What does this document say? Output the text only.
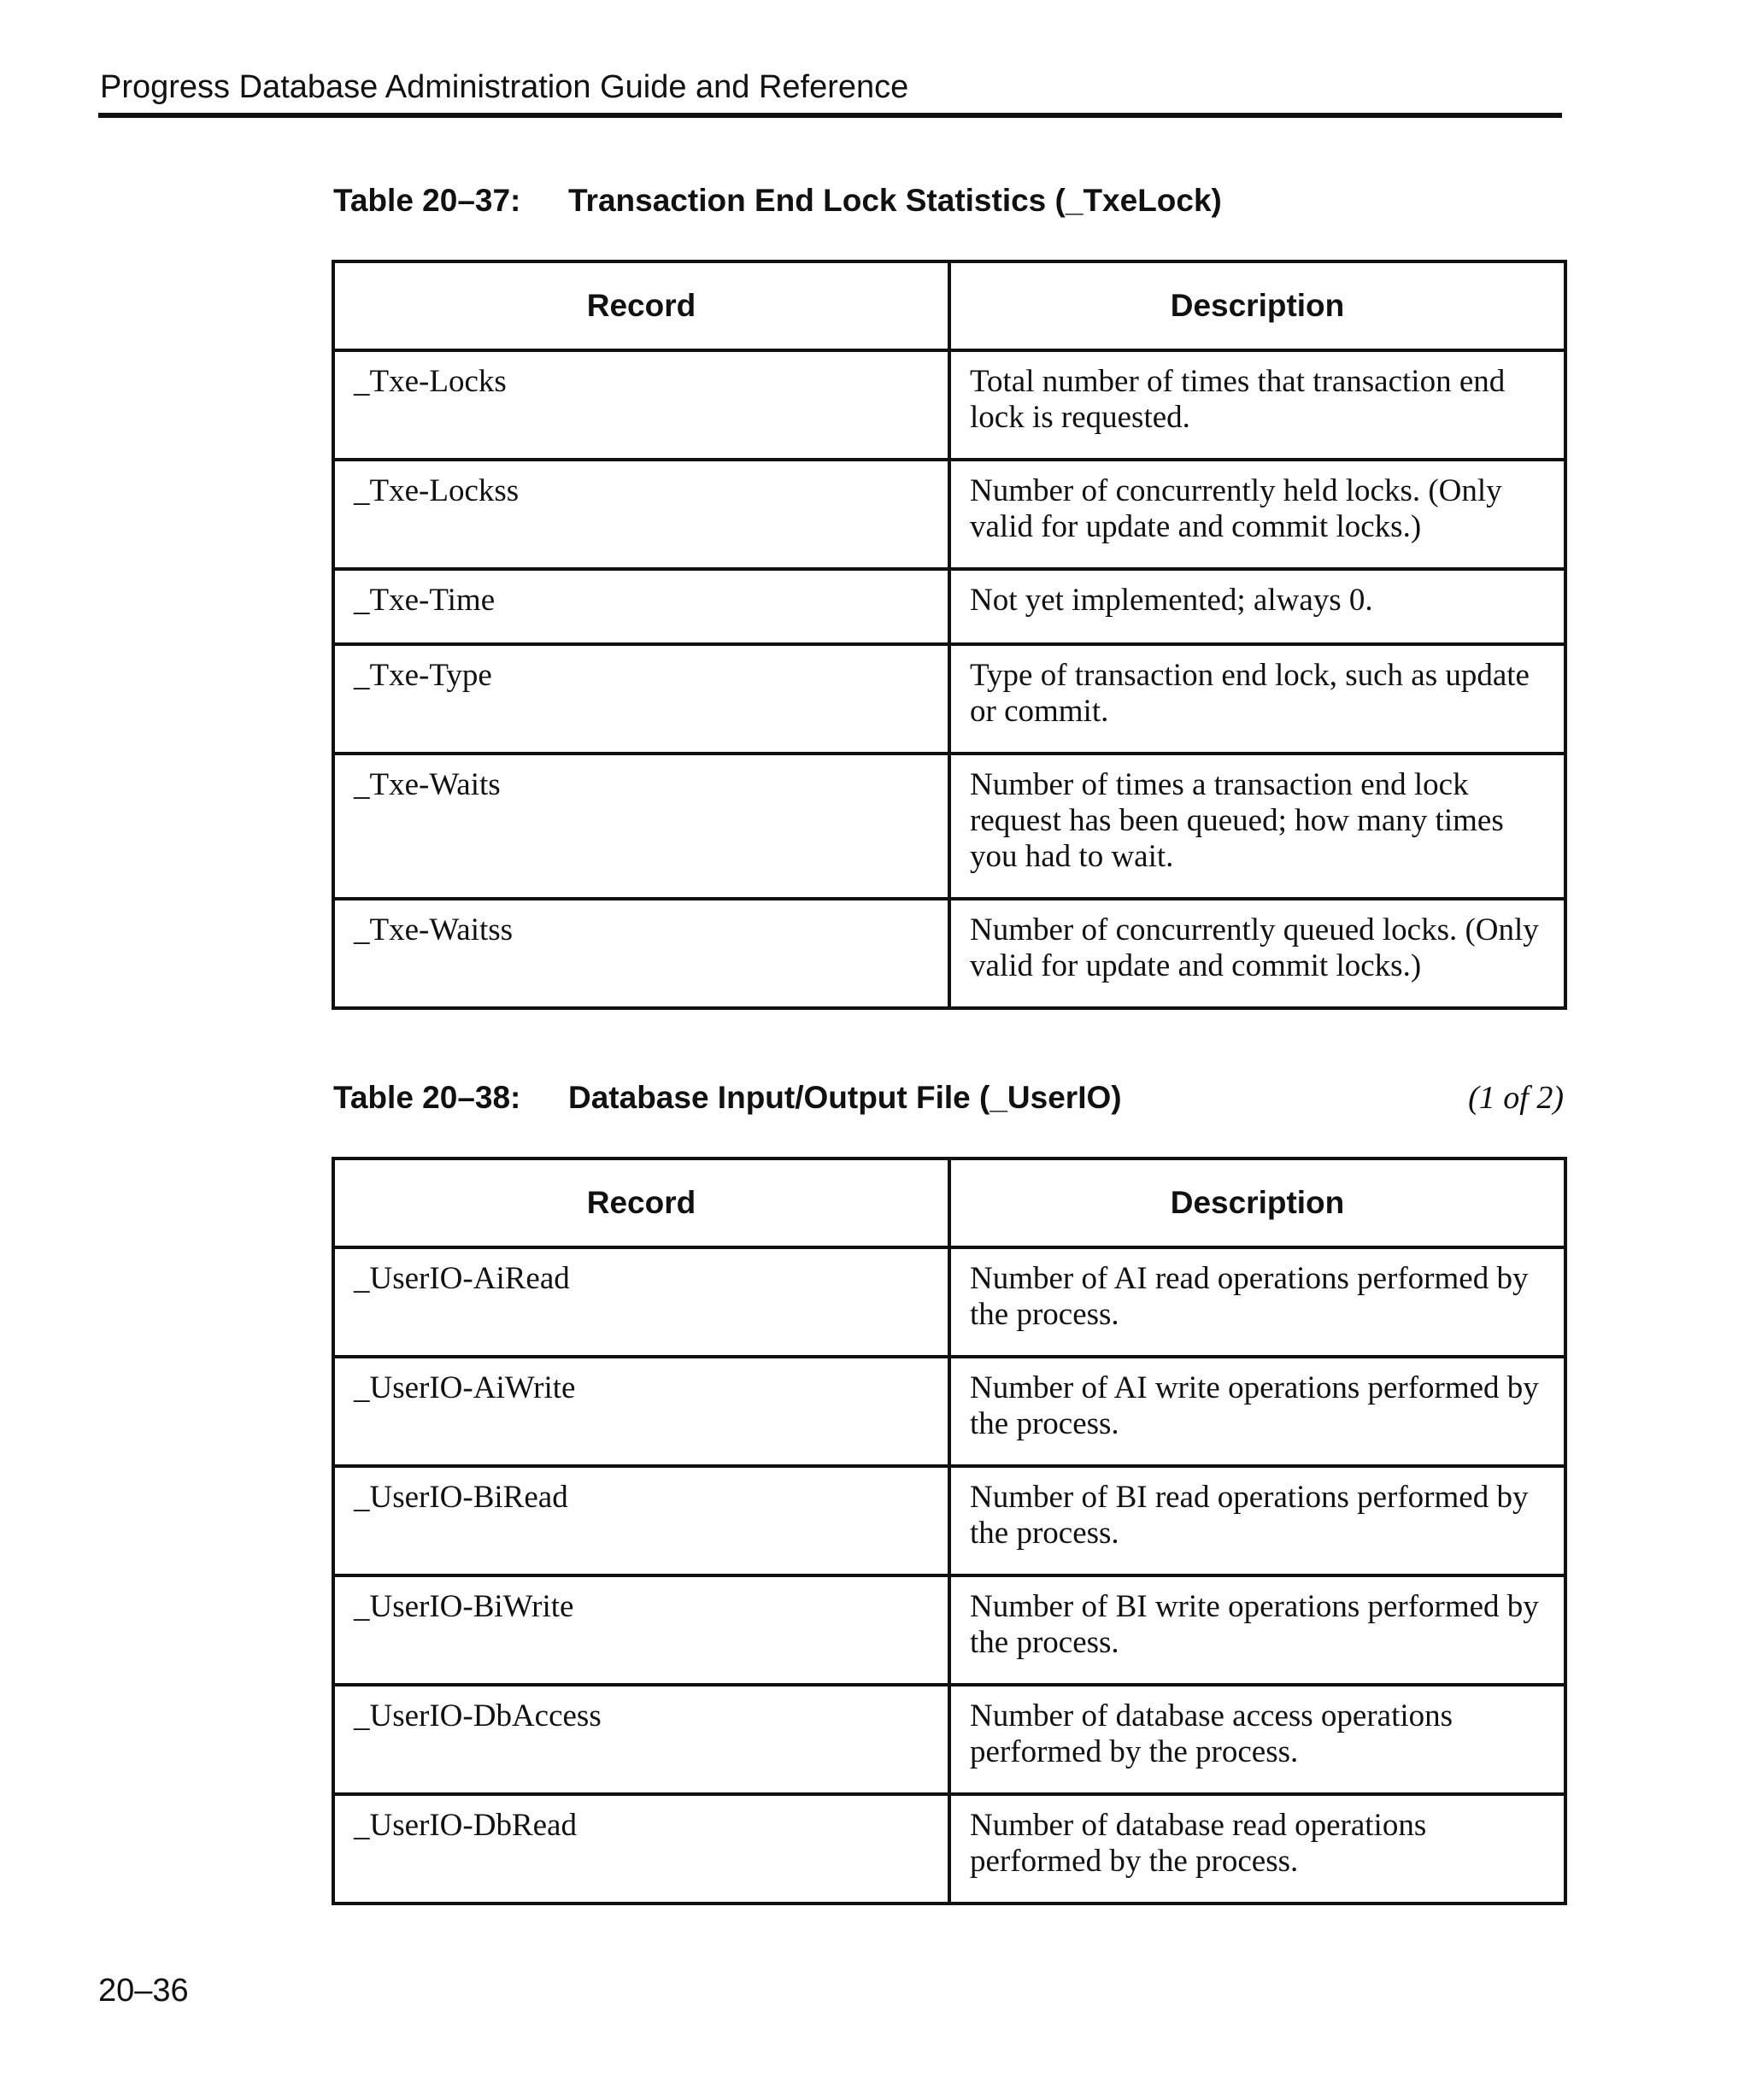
Progress Database Administration Guide and Reference
Table 20–37: Transaction End Lock Statistics (_TxeLock)
Record	Description
_Txe-Locks	Total number of times that transaction end lock is requested.
_Txe-Lockss	Number of concurrently held locks. (Only valid for update and commit locks.)
_Txe-Time	Not yet implemented; always 0.
_Txe-Type	Type of transaction end lock, such as update or commit.
_Txe-Waits	Number of times a transaction end lock request has been queued; how many times you had to wait.
_Txe-Waitss	Number of concurrently queued locks. (Only valid for update and commit locks.)
Table 20–38: Database Input/Output File (_UserIO)	(1 of 2)
Record	Description
_UserIO-AiRead	Number of AI read operations performed by the process.
_UserIO-AiWrite	Number of AI write operations performed by the process.
_UserIO-BiRead	Number of BI read operations performed by the process.
_UserIO-BiWrite	Number of BI write operations performed by the process.
_UserIO-DbAccess	Number of database access operations performed by the process.
_UserIO-DbRead	Number of database read operations performed by the process.
20–36
